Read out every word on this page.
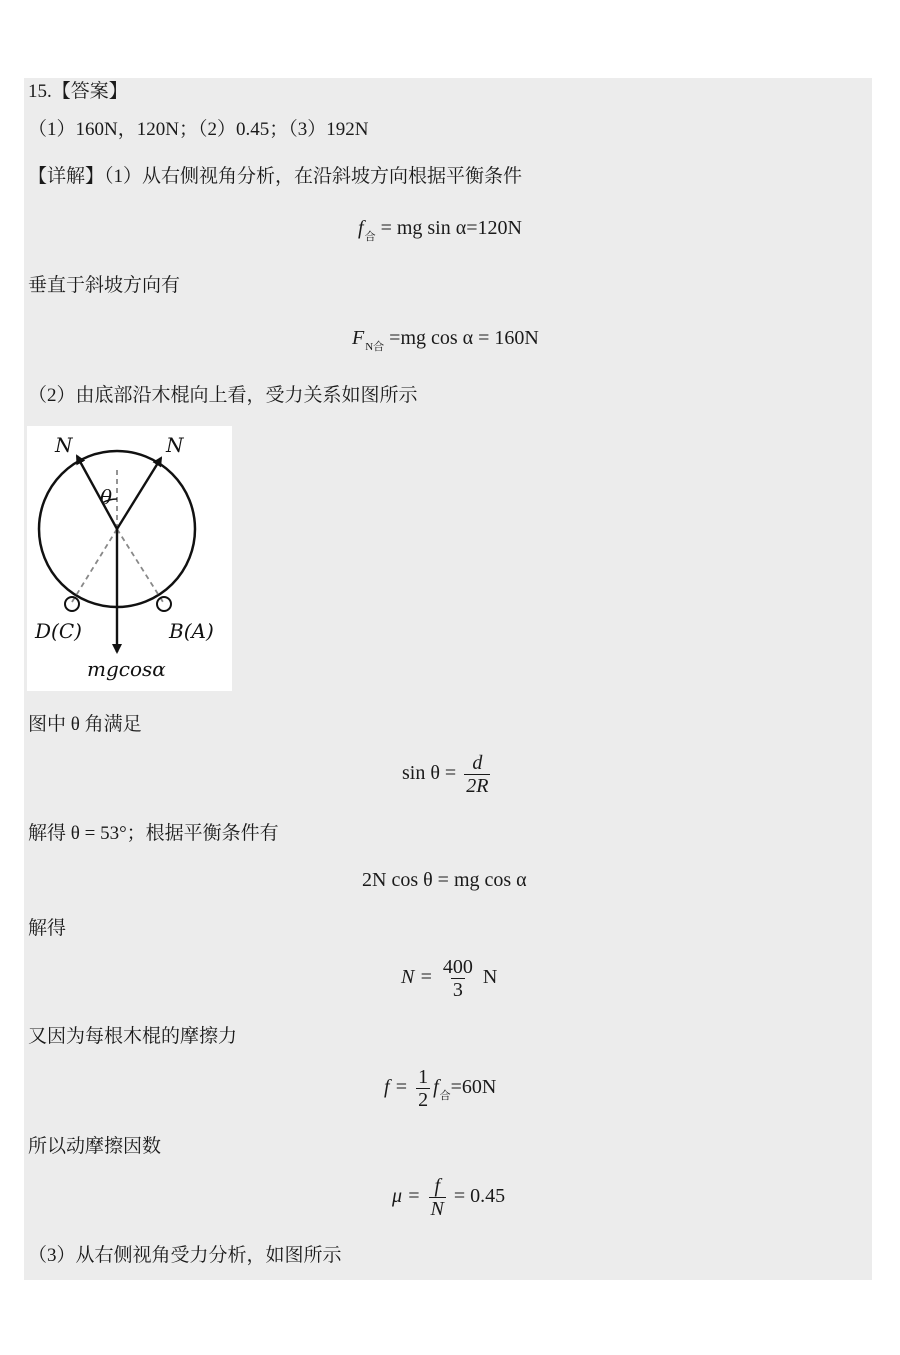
15.【答案】
（1）160N，120N；（2）0.45；（3）192N
【详解】（1）从右侧视角分析，在沿斜坡方向根据平衡条件
$f_合$ = mg sin α=120N
垂直于斜坡方向有
$F_{N合} =mg$ cos α = 160N
（2）由底部沿木棍向上看，受力关系如图所示
N	N
θ
D(C)	B(A)
mgcosα
图中 θ 角满足
$\sin \theta = \frac{d}{2R}$
解得 θ = 53°；根据平衡条件有
2N cos θ = mg cos α
解得
$N = \frac{400}{3}$ N
又因为每根木棍的摩擦力
$f = \frac{1}{2} f_合=60N$
所以动摩擦因数
$\mu = \frac{f}{N} = 0.45$
（3）从右侧视角受力分析，如图所示
